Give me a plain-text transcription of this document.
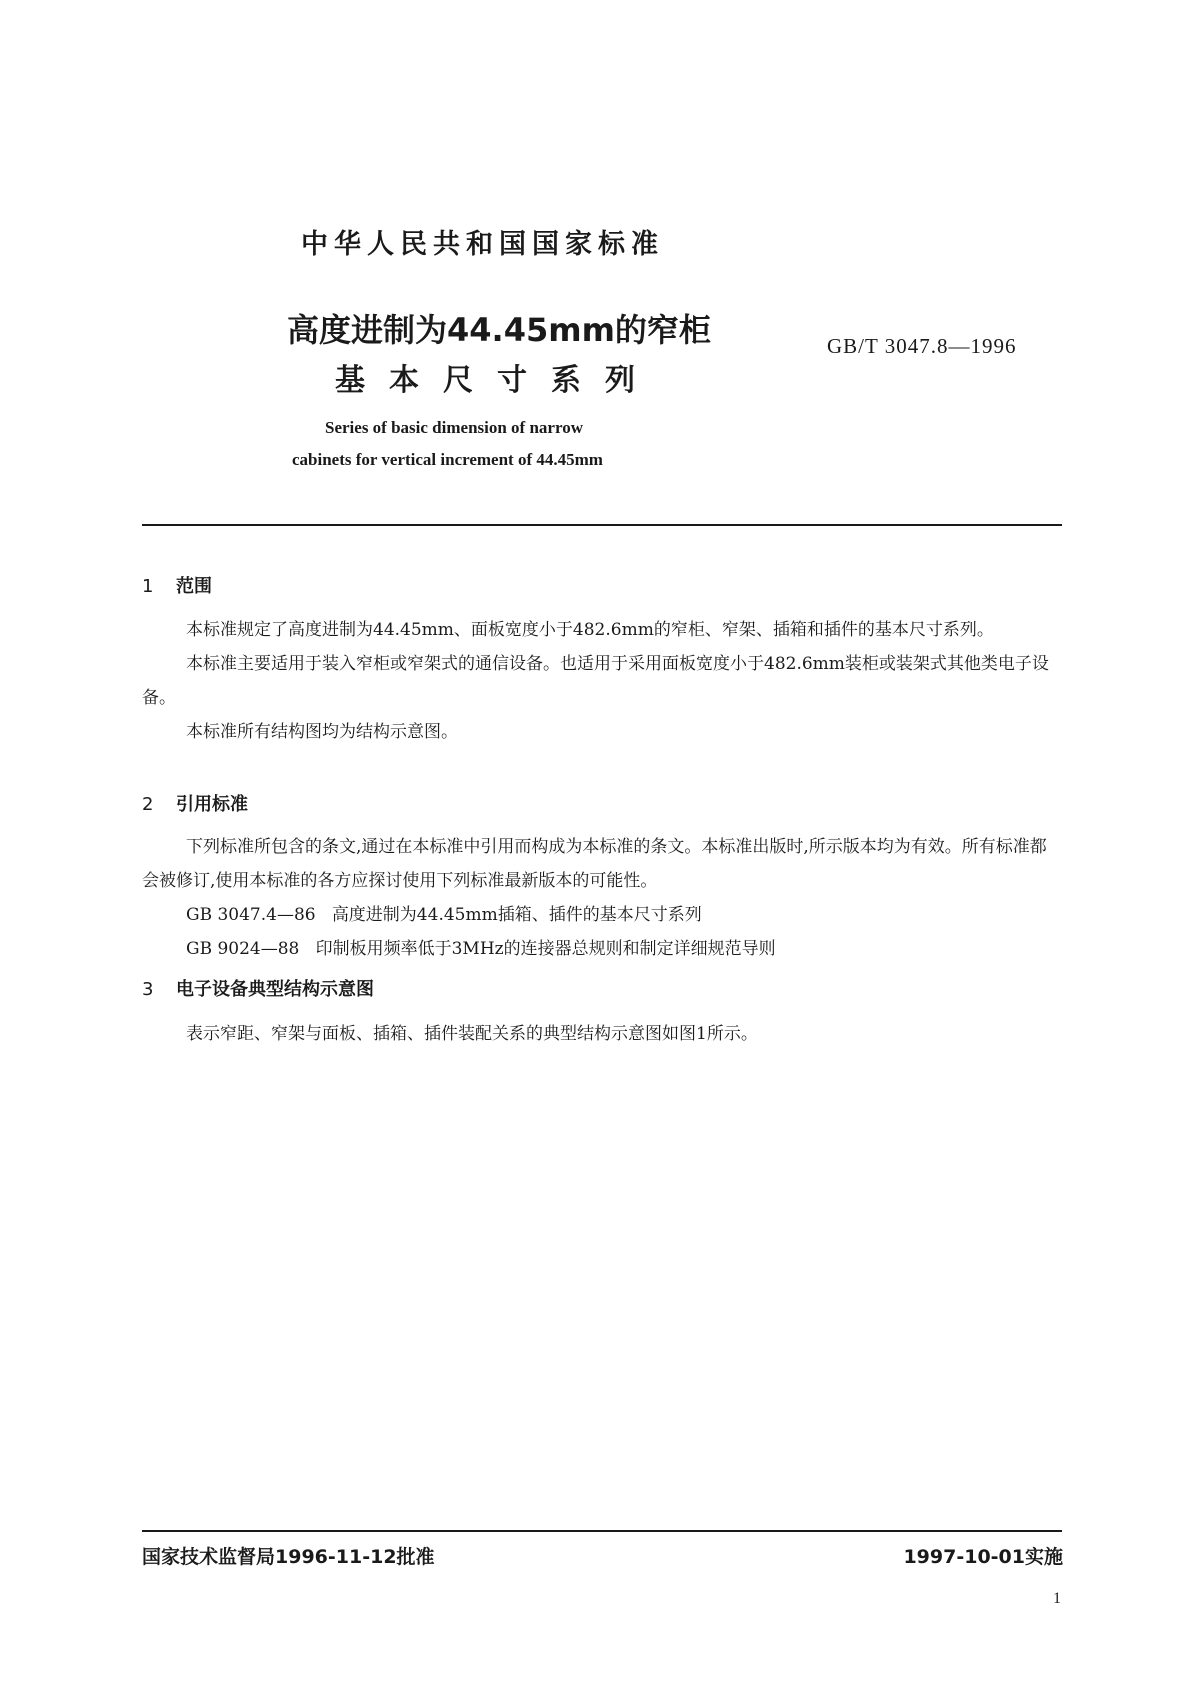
中华人民共和国国家标准
高度进制为44.45mm的窄柜
基本尺寸系列
GB/T 3047.8—1996
Series of basic dimension of narrow
cabinets for vertical increment of 44.45mm
1 范围
本标准规定了高度进制为44.45mm、面板宽度小于482.6mm的窄柜、窄架、插箱和插件的基本尺寸系列。
本标准主要适用于装入窄柜或窄架式的通信设备。也适用于采用面板宽度小于482.6mm装柜或装架式其他类电子设备。
本标准所有结构图均为结构示意图。
2 引用标准
下列标准所包含的条文,通过在本标准中引用而构成为本标准的条文。本标准出版时,所示版本均为有效。所有标准都会被修订,使用本标准的各方应探讨使用下列标准最新版本的可能性。
GB 3047.4—86 高度进制为44.45mm插箱、插件的基本尺寸系列
GB 9024—88 印制板用频率低于3MHz的连接器总规则和制定详细规范导则
3 电子设备典型结构示意图
表示窄距、窄架与面板、插箱、插件装配关系的典型结构示意图如图1所示。
国家技术监督局1996-11-12批准	1997-10-01实施
1
